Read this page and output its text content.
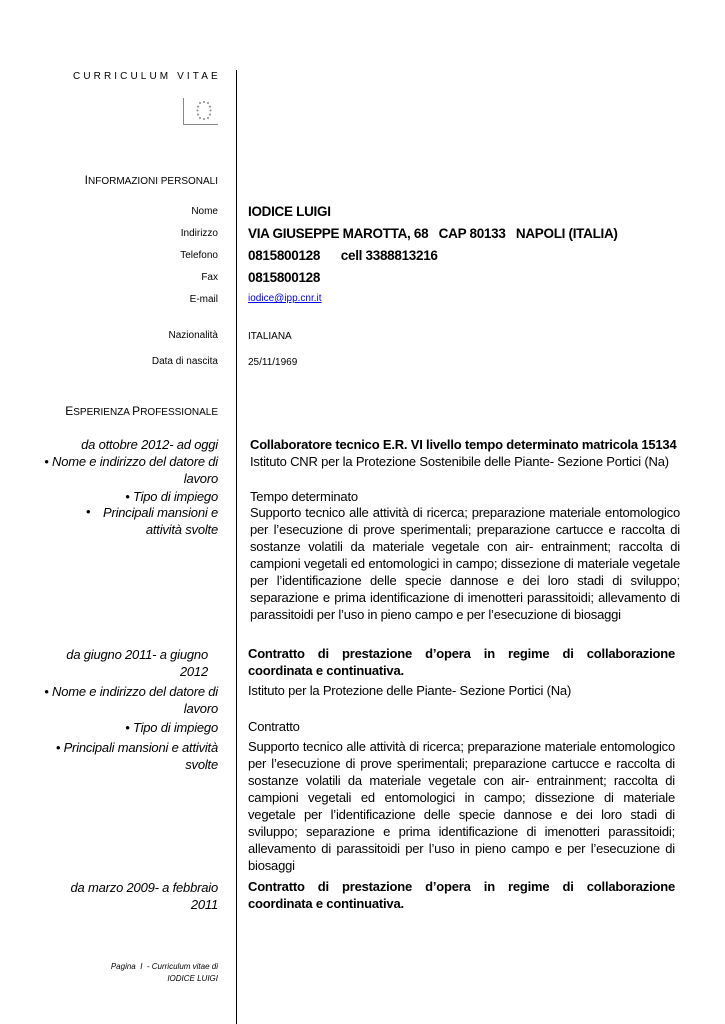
CURRICULUM VITAE
INFORMAZIONI PERSONALI
Nome IODICE LUIGI
Indirizzo VIA GIUSEPPE MAROTTA, 68   CAP 80133   NAPOLI (ITALIA)
Telefono 0815800128      cell 3388813216
Fax 0815800128
E-mail	iodice@ipp.cnr.it
Nazionalità	ITALIANA
Data di nascita	25/11/1969
ESPERIENZA PROFESSIONALE
da ottobre 2012- ad oggi Collaboratore tecnico E.R. VI livello tempo determinato matricola 15134
• Nome e indirizzo del datore di lavoro
Istituto CNR per la Protezione Sostenibile delle Piante- Sezione Portici (Na)
• Tipo di impiego Tempo determinato
• Principali mansioni e attività svolte
Supporto tecnico alle attività di ricerca; preparazione materiale entomologico per l’esecuzione di prove sperimentali; preparazione cartucce e raccolta di sostanze volatili da materiale vegetale con air- entrainment; raccolta di campioni vegetali ed entomologici in campo; dissezione di materiale vegetale per l’identificazione delle specie dannose e dei loro stadi di sviluppo; separazione e prima identificazione di imenotteri parassitoidi; allevamento di parassitoidi per l’uso in pieno campo e per l’esecuzione di biosaggi
da giugno 2011- a giugno 2012
Contratto di prestazione d’opera in regime di collaborazione coordinata e continuativa.
• Nome e indirizzo del datore di lavoro
Istituto per la Protezione delle Piante- Sezione Portici (Na)
• Tipo di impiego Contratto
• Principali mansioni e attività svolte
Supporto tecnico alle attività di ricerca; preparazione materiale entomologico per l’esecuzione di prove sperimentali; preparazione cartucce e raccolta di sostanze volatili da materiale vegetale con air- entrainment; raccolta di campioni vegetali ed entomologici in campo; dissezione di materiale vegetale per l’identificazione delle specie dannose e dei loro stadi di sviluppo; separazione e prima identificazione di imenotteri parassitoidi; allevamento di parassitoidi per l’uso in pieno campo e per l’esecuzione di biosaggi
da marzo 2009- a febbraio 2011
Contratto di prestazione d’opera in regime di collaborazione coordinata e continuativa.
Pagina  I  - Curriculum vitae di
IODICE LUIGI
